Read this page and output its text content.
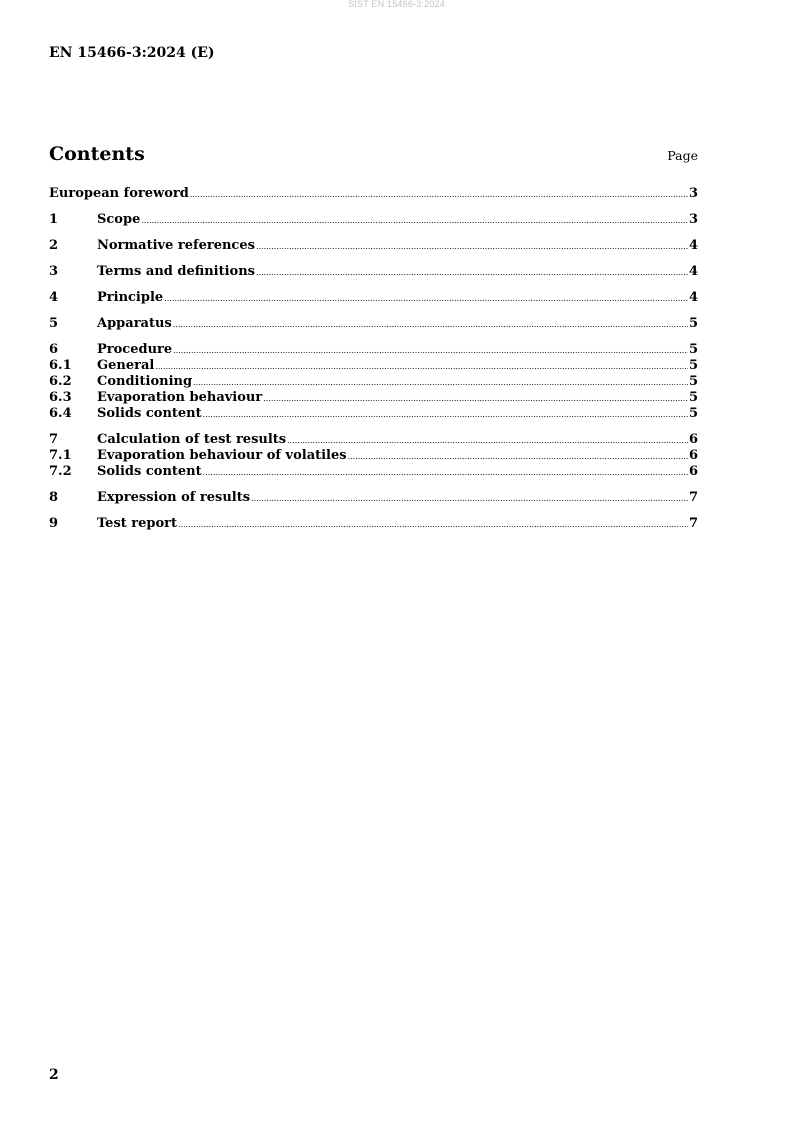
SIST EN 15466-3:2024
EN 15466-3:2024 (E)
Contents	Page
European foreword .....	3
1	Scope .....	3
2	Normative references .....	4
3	Terms and definitions .....	4
4	Principle .....	4
5	Apparatus .....	5
6	Procedure .....	5
6.1	General .....	5
6.2	Conditioning .....	5
6.3	Evaporation behaviour .....	5
6.4	Solids content .....	5
7	Calculation of test results .....	6
7.1	Evaporation behaviour of volatiles .....	6
7.2	Solids content .....	6
8	Expression of results .....	7
9	Test report .....	7
2
